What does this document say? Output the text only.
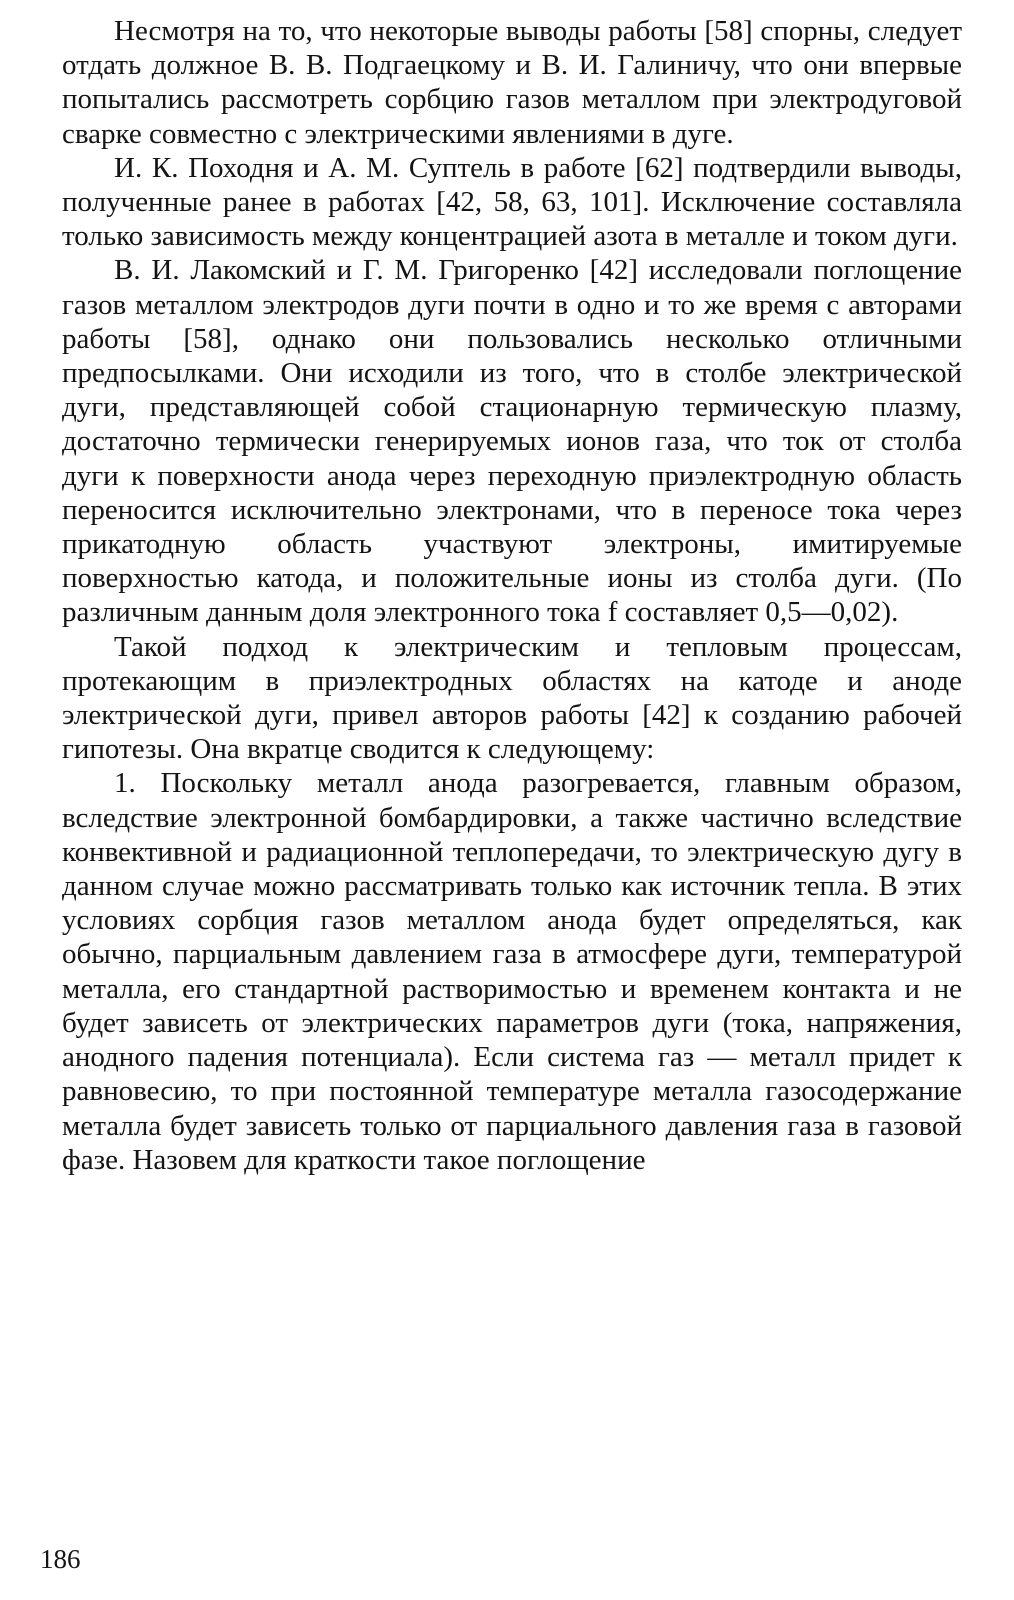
Несмотря на то, что некоторые выводы работы [58] спорны, следует отдать должное В. В. Подгаецкому и В. И. Галиничу, что они впервые попытались рассмотреть сорбцию газов металлом при электродуговой сварке совместно с электрическими явлениями в дуге.

И. К. Походня и А. М. Суптель в работе [62] подтвердили выводы, полученные ранее в работах [42, 58, 63, 101]. Исключение составляла только зависимость между концентрацией азота в металле и током дуги.

В. И. Лакомский и Г. М. Григоренко [42] исследовали поглощение газов металлом электродов дуги почти в одно и то же время с авторами работы [58], однако они пользовались несколько отличными предпосылками. Они исходили из того, что в столбе электрической дуги, представляющей собой стационарную термическую плазму, достаточно термически генерируемых ионов газа, что ток от столба дуги к поверхности анода через переходную приэлектродную область переносится исключительно электронами, что в переносе тока через прикатодную область участвуют электроны, имитируемые поверхностью катода, и положительные ионы из столба дуги. (По различным данным доля электронного тока f составляет 0,5—0,02).

Такой подход к электрическим и тепловым процессам, протекающим в приэлектродных областях на катоде и аноде электрической дуги, привел авторов работы [42] к созданию рабочей гипотезы. Она вкратце сводится к следующему:

1. Поскольку металл анода разогревается, главным образом, вследствие электронной бомбардировки, а также частично вследствие конвективной и радиационной теплопередачи, то электрическую дугу в данном случае можно рассматривать только как источник тепла. В этих условиях сорбция газов металлом анода будет определяться, как обычно, парциальным давлением газа в атмосфере дуги, температурой металла, его стандартной растворимостью и временем контакта и не будет зависеть от электрических параметров дуги (тока, напряжения, анодного падения потенциала). Если система газ — металл придет к равновесию, то при постоянной температуре металла газосодержание металла будет зависеть только от парциального давления газа в газовой фазе. Назовем для краткости такое поглощение

186
